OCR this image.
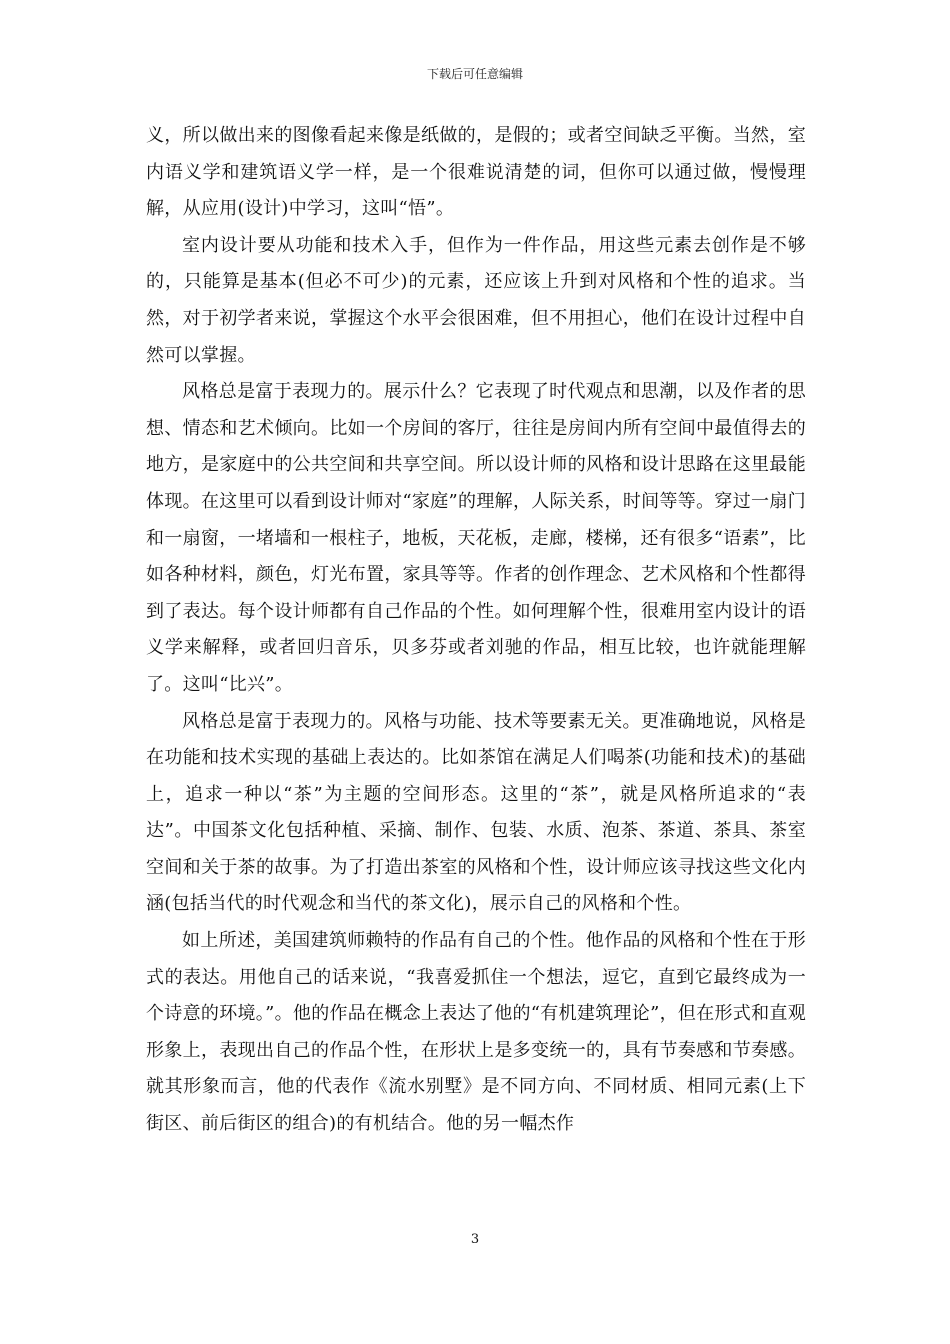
下载后可任意编辑

义，所以做出来的图像看起来像是纸做的，是假的；或者空间缺乏平衡。当然，室内语义学和建筑语义学一样，是一个很难说清楚的词，但你可以通过做，慢慢理解，从应用(设计)中学习，这叫“悟”。

室内设计要从功能和技术入手，但作为一件作品，用这些元素去创作是不够的，只能算是基本(但必不可少)的元素，还应该上升到对风格和个性的追求。当然，对于初学者来说，掌握这个水平会很困难，但不用担心，他们在设计过程中自然可以掌握。

风格总是富于表现力的。展示什么？它表现了时代观点和思潮，以及作者的思想、情态和艺术倾向。比如一个房间的客厅，往往是房间内所有空间中最值得去的地方，是家庭中的公共空间和共享空间。所以设计师的风格和设计思路在这里最能体现。在这里可以看到设计师对“家庭”的理解，人际关系，时间等等。穿过一扇门和一扇窗，一堵墙和一根柱子，地板，天花板，走廊，楼梯，还有很多“语素”，比如各种材料，颜色，灯光布置，家具等等。作者的创作理念、艺术风格和个性都得到了表达。每个设计师都有自己作品的个性。如何理解个性，很难用室内设计的语义学来解释，或者回归音乐，贝多芬或者刘驰的作品，相互比较，也许就能理解了。这叫“比兴”。

风格总是富于表现力的。风格与功能、技术等要素无关。更准确地说，风格是在功能和技术实现的基础上表达的。比如茶馆在满足人们喝茶(功能和技术)的基础上，追求一种以“茶”为主题的空间形态。这里的“茶”，就是风格所追求的“表达”。中国茶文化包括种植、采摘、制作、包装、水质、泡茶、茶道、茶具、茶室空间和关于茶的故事。为了打造出茶室的风格和个性，设计师应该寻找这些文化内涵(包括当代的时代观念和当代的茶文化)，展示自己的风格和个性。

如上所述，美国建筑师赖特的作品有自己的个性。他作品的风格和个性在于形式的表达。用他自己的话来说，“我喜爱抓住一个想法，逗它，直到它最终成为一个诗意的环境。”。他的作品在概念上表达了他的“有机建筑理论”，但在形式和直观形象上，表现出自己的作品个性，在形状上是多变统一的，具有节奏感和节奏感。就其形象而言，他的代表作《流水别墅》是不同方向、不同材质、相同元素(上下街区、前后街区的组合)的有机结合。他的另一幅杰作

3
